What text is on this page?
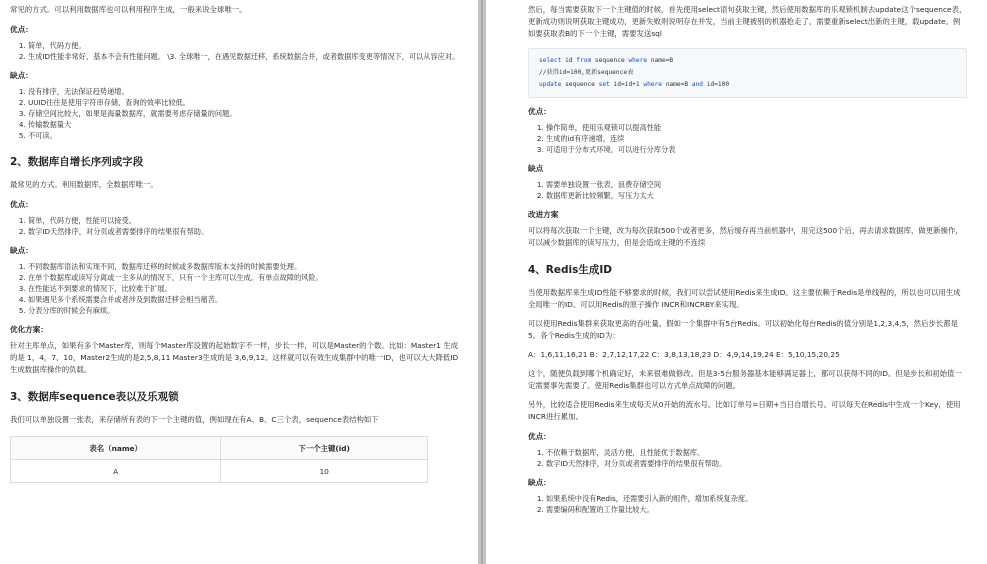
常见的方式。可以利用数据库也可以利用程序生成，一般来说全球唯一。

优点：
1. 简单，代码方便。
2. 生成ID性能非常好，基本不会有性能问题。 \3. 全球唯一，在遇见数据迁移，系统数据合并，或者数据库变更等情况下，可以从容应对。
缺点：
1. 没有排序，无法保证趋势递增。
2. UUID往往是使用字符串存储，查询的效率比较低。
3. 存储空间比较大，如果是海量数据库，就需要考虑存储量的问题。
4. 传输数据量大
5. 不可读。
2、数据库自增长序列或字段

最常见的方式。利用数据库，全数据库唯一。

优点：
1. 简单，代码方便，性能可以接受。
2. 数字ID天然排序，对分页或者需要排序的结果很有帮助。
缺点：
1. 不同数据库语法和实现不同，数据库迁移的时候或多数据库版本支持的时候需要处理。
2. 在单个数据库或读写分离或一主多从的情况下，只有一个主库可以生成。有单点故障的风险。
3. 在性能达不到要求的情况下，比较难于扩展。
4. 如果遇见多个系统需要合并或者涉及到数据迁移会相当痛苦。
5. 分表分库的时候会有麻烦。
优化方案：

针对主库单点，如果有多个Master库，则每个Master库设置的起始数字不一样，步长一样，可以是Master的个数。比如：Master1 生成的是 1，4，7，10，Master2生成的是2,5,8,11 Master3生成的是 3,6,9,12。这样就可以有效生成集群中的唯一ID，也可以大大降低ID生成数据库操作的负载。

3、数据库sequence表以及乐观锁

我们可以单独设置一张表，来存储所有表的下一个主键的值，例如现在有A、B、C三个表，sequence表结构如下

表名（name）	下一个主键(id)
A	10

然后，每当需要获取下一个主键值的时候，首先使用select语句获取主键，然后使用数据库的乐观锁机制去update这个sequence表，更新成功则说明获取主键成功，更新失败则说明存在并发，当前主键被别的机器抢走了，需要重新select出新的主键，载update。例如要获取表B的下一个主键，需要发送sql

select id from sequence where name=B
//获得id=100,更新sequence表
update sequence set id=id+1 where name=B and id=100
优点：
1. 操作简单，使用乐观锁可以提高性能
2. 生成的id有序递增，连续
3. 可适用于分布式环境，可以进行分库分表
缺点
1. 需要单独设置一张表，浪费存储空间
2. 数据库更新比较频繁，写压力太大
改进方案

可以将每次获取一个主键，改为每次获取500个或者更多，然后缓存再当前机器中，用完这500个后，再去请求数据库，做更新操作，可以减少数据库的读写压力，但是会造成主键的不连续

4、Redis生成ID

当使用数据库来生成ID性能不够要求的时候，我们可以尝试使用Redis来生成ID。这主要依赖于Redis是单线程的，所以也可以用生成全局唯一的ID。可以用Redis的原子操作 INCR和INCRBY来实现。

可以使用Redis集群来获取更高的吞吐量。假如一个集群中有5台Redis。可以初始化每台Redis的值分别是1,2,3,4,5，然后步长都是5。各个Redis生成的ID为：

A：1,6,11,16,21 B：2,7,12,17,22 C：3,8,13,18,23 D：4,9,14,19,24 E：5,10,15,20,25

这个，随便负载到哪个机确定好，未来很难做修改。但是3-5台服务器基本能够满足器上，都可以获得不同的ID。但是步长和初始值一定需要事先需要了。使用Redis集群也可以方式单点故障的问题。

另外，比较适合使用Redis来生成每天从0开始的流水号。比如订单号=日期+当日自增长号。可以每天在Redis中生成一个Key，使用INCR进行累加。

优点：
1. 不依赖于数据库，灵活方便，且性能优于数据库。
2. 数字ID天然排序，对分页或者需要排序的结果很有帮助。
缺点：
1. 如果系统中没有Redis，还需要引入新的组件，增加系统复杂度。
2. 需要编码和配置的工作量比较大。
